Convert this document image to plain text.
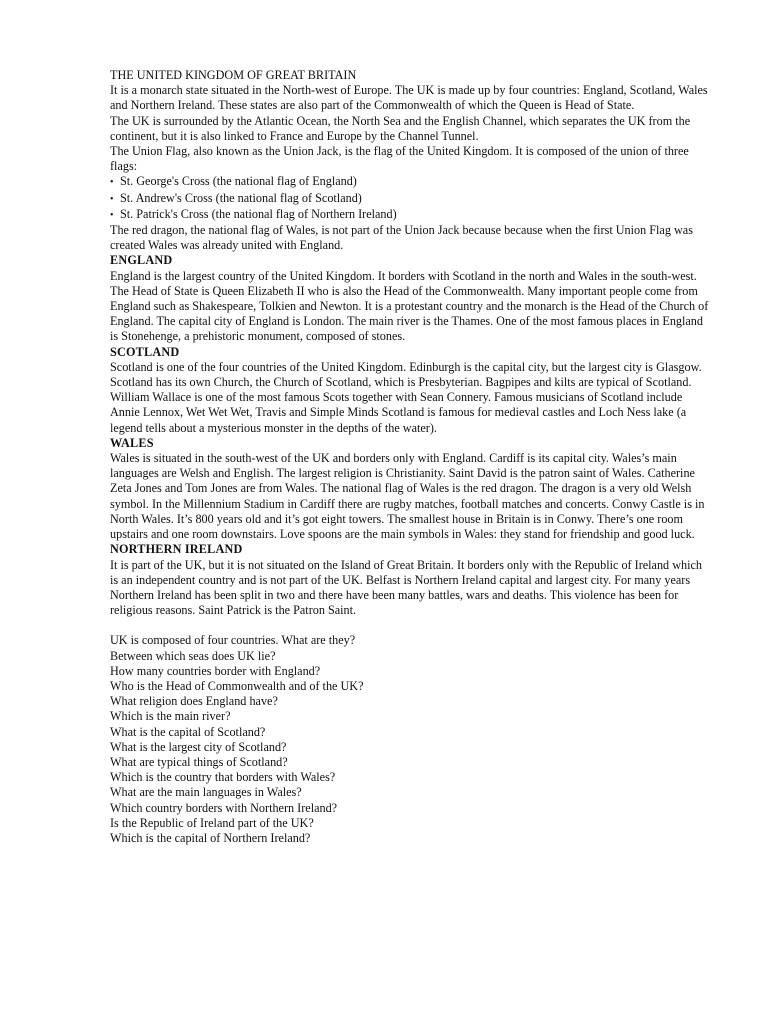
THE UNITED KINGDOM OF GREAT BRITAIN

It is a monarch state situated in the North-west of Europe. The UK is made up by four countries: England, Scotland, Wales and Northern Ireland. These states are also part of the Commonwealth of which the Queen is Head of State.

The UK is surrounded by the Atlantic Ocean, the North Sea and the English Channel, which separates the UK from the continent, but it is also linked to France and Europe by the Channel Tunnel.

The Union Flag, also known as the Union Jack, is the flag of the United Kingdom. It is composed of the union of three flags:

• St. George's Cross (the national flag of England)
• St. Andrew's Cross (the national flag of Scotland)
• St. Patrick's Cross (the national flag of Northern Ireland)

The red dragon, the national flag of Wales, is not part of the Union Jack because because when the first Union Flag was created Wales was already united with England.

ENGLAND

England is the largest country of the United Kingdom. It borders with Scotland in the north and Wales in the south-west. The Head of State is Queen Elizabeth II who is also the Head of the Commonwealth. Many important people come from England such as Shakespeare, Tolkien and Newton. It is a protestant country and the monarch is the Head of the Church of England. The capital city of England is London. The main river is the Thames. One of the most famous places in England is Stonehenge, a prehistoric monument, composed of stones.

SCOTLAND

Scotland is one of the four countries of the United Kingdom. Edinburgh is the capital city, but the largest city is Glasgow. Scotland has its own Church, the Church of Scotland, which is Presbyterian. Bagpipes and kilts are typical of Scotland. William Wallace is one of the most famous Scots together with Sean Connery. Famous musicians of Scotland include Annie Lennox, Wet Wet Wet, Travis and Simple Minds Scotland is famous for medieval castles and Loch Ness lake (a legend tells about a mysterious monster in the depths of the water).

WALES

Wales is situated in the south-west of the UK and borders only with England. Cardiff is its capital city. Wales’s main languages are Welsh and English. The largest religion is Christianity. Saint David is the patron saint of Wales. Catherine Zeta Jones and Tom Jones are from Wales. The national flag of Wales is the red dragon. The dragon is a very old Welsh symbol. In the Millennium Stadium in Cardiff there are rugby matches, football matches and concerts. Conwy Castle is in North Wales. It’s 800 years old and it’s got eight towers. The smallest house in Britain is in Conwy. There’s one room upstairs and one room downstairs. Love spoons are the main symbols in Wales: they stand for friendship and good luck.

NORTHERN IRELAND

It is part of the UK, but it is not situated on the Island of Great Britain. It borders only with the Republic of Ireland which is an independent country and is not part of the UK. Belfast is Northern Ireland capital and largest city. For many years Northern Ireland has been split in two and there have been many battles, wars and deaths. This violence has been for religious reasons. Saint Patrick is the Patron Saint.

UK is composed of four countries. What are they?
Between which seas does UK lie?
How many countries border with England?
Who is the Head of Commonwealth and of the UK?
What religion does England have?
Which is the main river?
What is the capital of Scotland?
What is the largest city of Scotland?
What are typical things of Scotland?
Which is the country that borders with Wales?
What are the main languages in Wales?
Which country borders with Northern Ireland?
Is the Republic of Ireland part of the UK?
Which is the capital of Northern Ireland?
